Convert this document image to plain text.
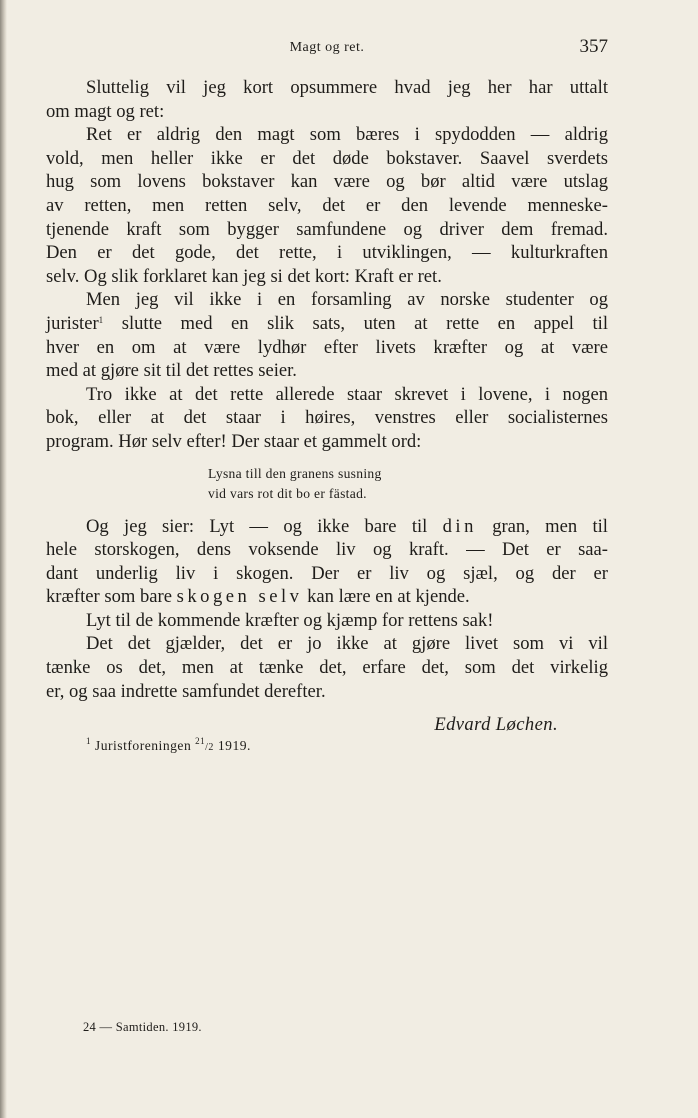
Magt og ret.	357
Sluttelig vil jeg kort opsummere hvad jeg her har uttalt
om magt og ret:
Ret er aldrig den magt som bæres i spydodden — aldrig
vold, men heller ikke er det døde bokstaver. Saavel sverdets
hug som lovens bokstaver kan være og bør altid være utslag
av retten, men retten selv, det er den levende menneske-
tjenende kraft som bygger samfundene og driver dem fremad.
Den er det gode, det rette, i utviklingen, — kulturkraften
selv. Og slik forklaret kan jeg si det kort: Kraft er ret.
Men jeg vil ikke i en forsamling av norske studenter og
jurister$^1$ slutte med en slik sats, uten at rette en appel til
hver en om at være lydhør efter livets kræfter og at være
med at gjøre sit til det rettes seier.
Tro ikke at det rette allerede staar skrevet i lovene, i nogen
bok, eller at det staar i høires, venstres eller socialisternes
program. Hør selv efter! Der staar et gammelt ord:
Lysna till den granens susning
vid vars rot dit bo er fästad.
Og jeg sier: Lyt — og ikke bare til din gran, men til
hele storskogen, dens voksende liv og kraft. — Det er saa-
dant underlig liv i skogen. Der er liv og sjæl, og der er
kræfter som bare skogen selv kan lære en at kjende.
Lyt til de kommende kræfter og kjæmp for rettens sak!
Det det gjælder, det er jo ikke at gjøre livet som vi vil
tænke os det, men at tænke det, erfare det, som det virkelig
er, og saa indrette samfundet derefter.
Edvard Løchen.
$^1$ Juristforeningen $^{21}$/2 1919.
24 — Samtiden. 1919.
